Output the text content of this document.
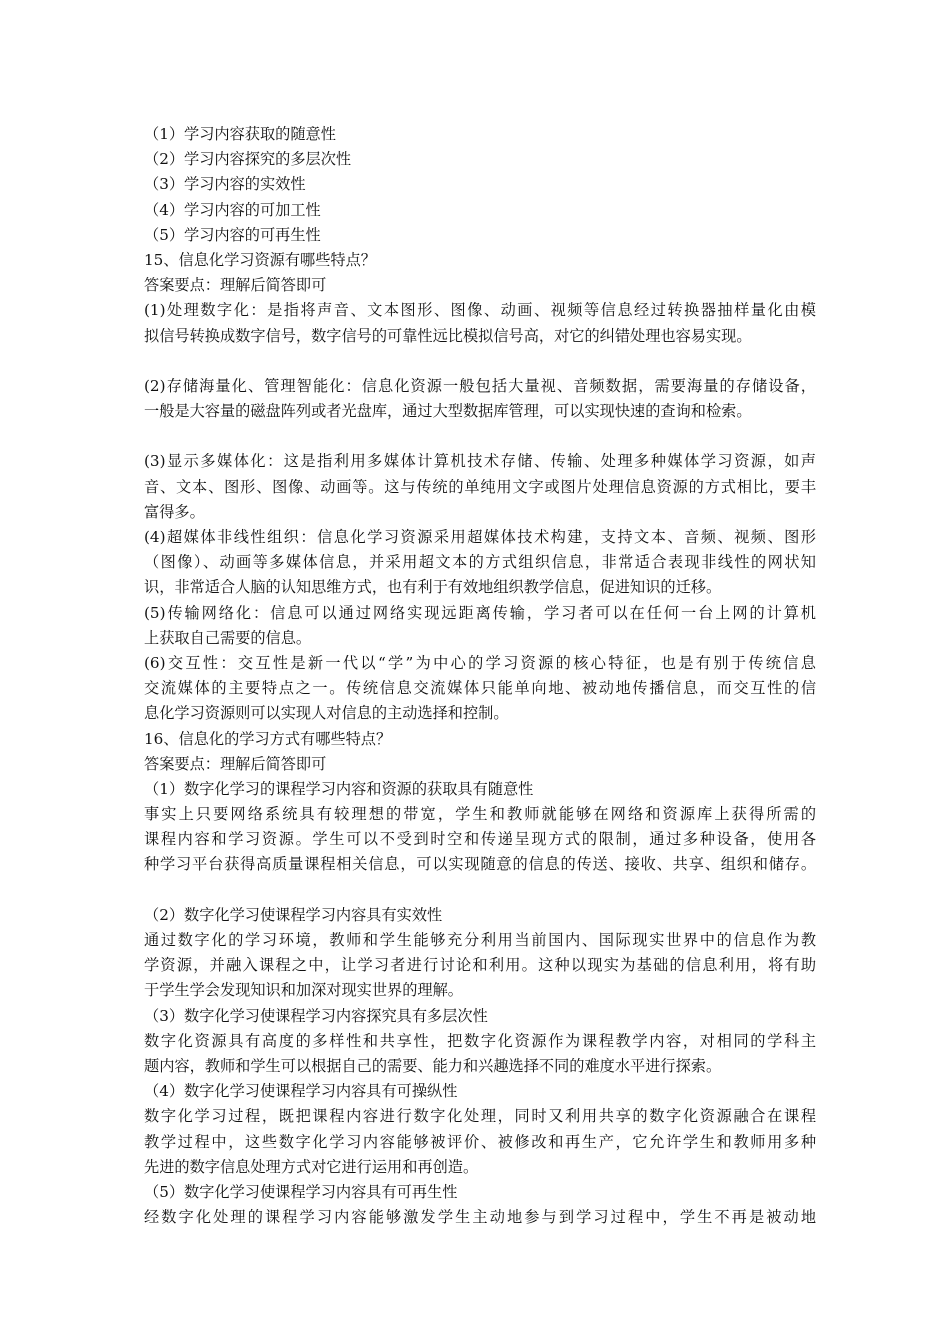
（1）学习内容获取的随意性
（2）学习内容探究的多层次性
（3）学习内容的实效性
（4）学习内容的可加工性
（5）学习内容的可再生性
15、信息化学习资源有哪些特点？
答案要点：理解后简答即可
(1)处理数字化：是指将声音、文本图形、图像、动画、视频等信息经过转换器抽样量化由模
拟信号转换成数字信号，数字信号的可靠性远比模拟信号高，对它的纠错处理也容易实现。
(2)存储海量化、管理智能化：信息化资源一般包括大量视、音频数据，需要海量的存储设备，
一般是大容量的磁盘阵列或者光盘库，通过大型数据库管理，可以实现快速的查询和检索。
(3)显示多媒体化：这是指利用多媒体计算机技术存储、传输、处理多种媒体学习资源，如声
音、文本、图形、图像、动画等。这与传统的单纯用文字或图片处理信息资源的方式相比，要丰
富得多。
(4)超媒体非线性组织：信息化学习资源采用超媒体技术构建，支持文本、音频、视频、图形
（图像）、动画等多媒体信息，并采用超文本的方式组织信息，非常适合表现非线性的网状知
识，非常适合人脑的认知思维方式，也有利于有效地组织教学信息，促进知识的迁移。
(5)传输网络化：信息可以通过网络实现远距离传输，学习者可以在任何一台上网的计算机
上获取自己需要的信息。
(6)交互性：交互性是新一代以“学”为中心的学习资源的核心特征，也是有别于传统信息
交流媒体的主要特点之一。传统信息交流媒体只能单向地、被动地传播信息，而交互性的信
息化学习资源则可以实现人对信息的主动选择和控制。
16、信息化的学习方式有哪些特点？
答案要点：理解后简答即可
（1）数字化学习的课程学习内容和资源的获取具有随意性
事实上只要网络系统具有较理想的带宽，学生和教师就能够在网络和资源库上获得所需的
课程内容和学习资源。学生可以不受到时空和传递呈现方式的限制，通过多种设备，使用各
种学习平台获得高质量课程相关信息，可以实现随意的信息的传送、接收、共享、组织和储存。
（2）数字化学习使课程学习内容具有实效性
通过数字化的学习环境，教师和学生能够充分利用当前国内、国际现实世界中的信息作为教
学资源，并融入课程之中，让学习者进行讨论和利用。这种以现实为基础的信息利用，将有助
于学生学会发现知识和加深对现实世界的理解。
（3）数字化学习使课程学习内容探究具有多层次性
数字化资源具有高度的多样性和共享性，把数字化资源作为课程教学内容，对相同的学科主
题内容，教师和学生可以根据自己的需要、能力和兴趣选择不同的难度水平进行探索。
（4）数字化学习使课程学习内容具有可操纵性
数字化学习过程，既把课程内容进行数字化处理，同时又利用共享的数字化资源融合在课程
教学过程中，这些数字化学习内容能够被评价、被修改和再生产，它允许学生和教师用多种
先进的数字信息处理方式对它进行运用和再创造。
（5）数字化学习使课程学习内容具有可再生性
经数字化处理的课程学习内容能够激发学生主动地参与到学习过程中，学生不再是被动地
